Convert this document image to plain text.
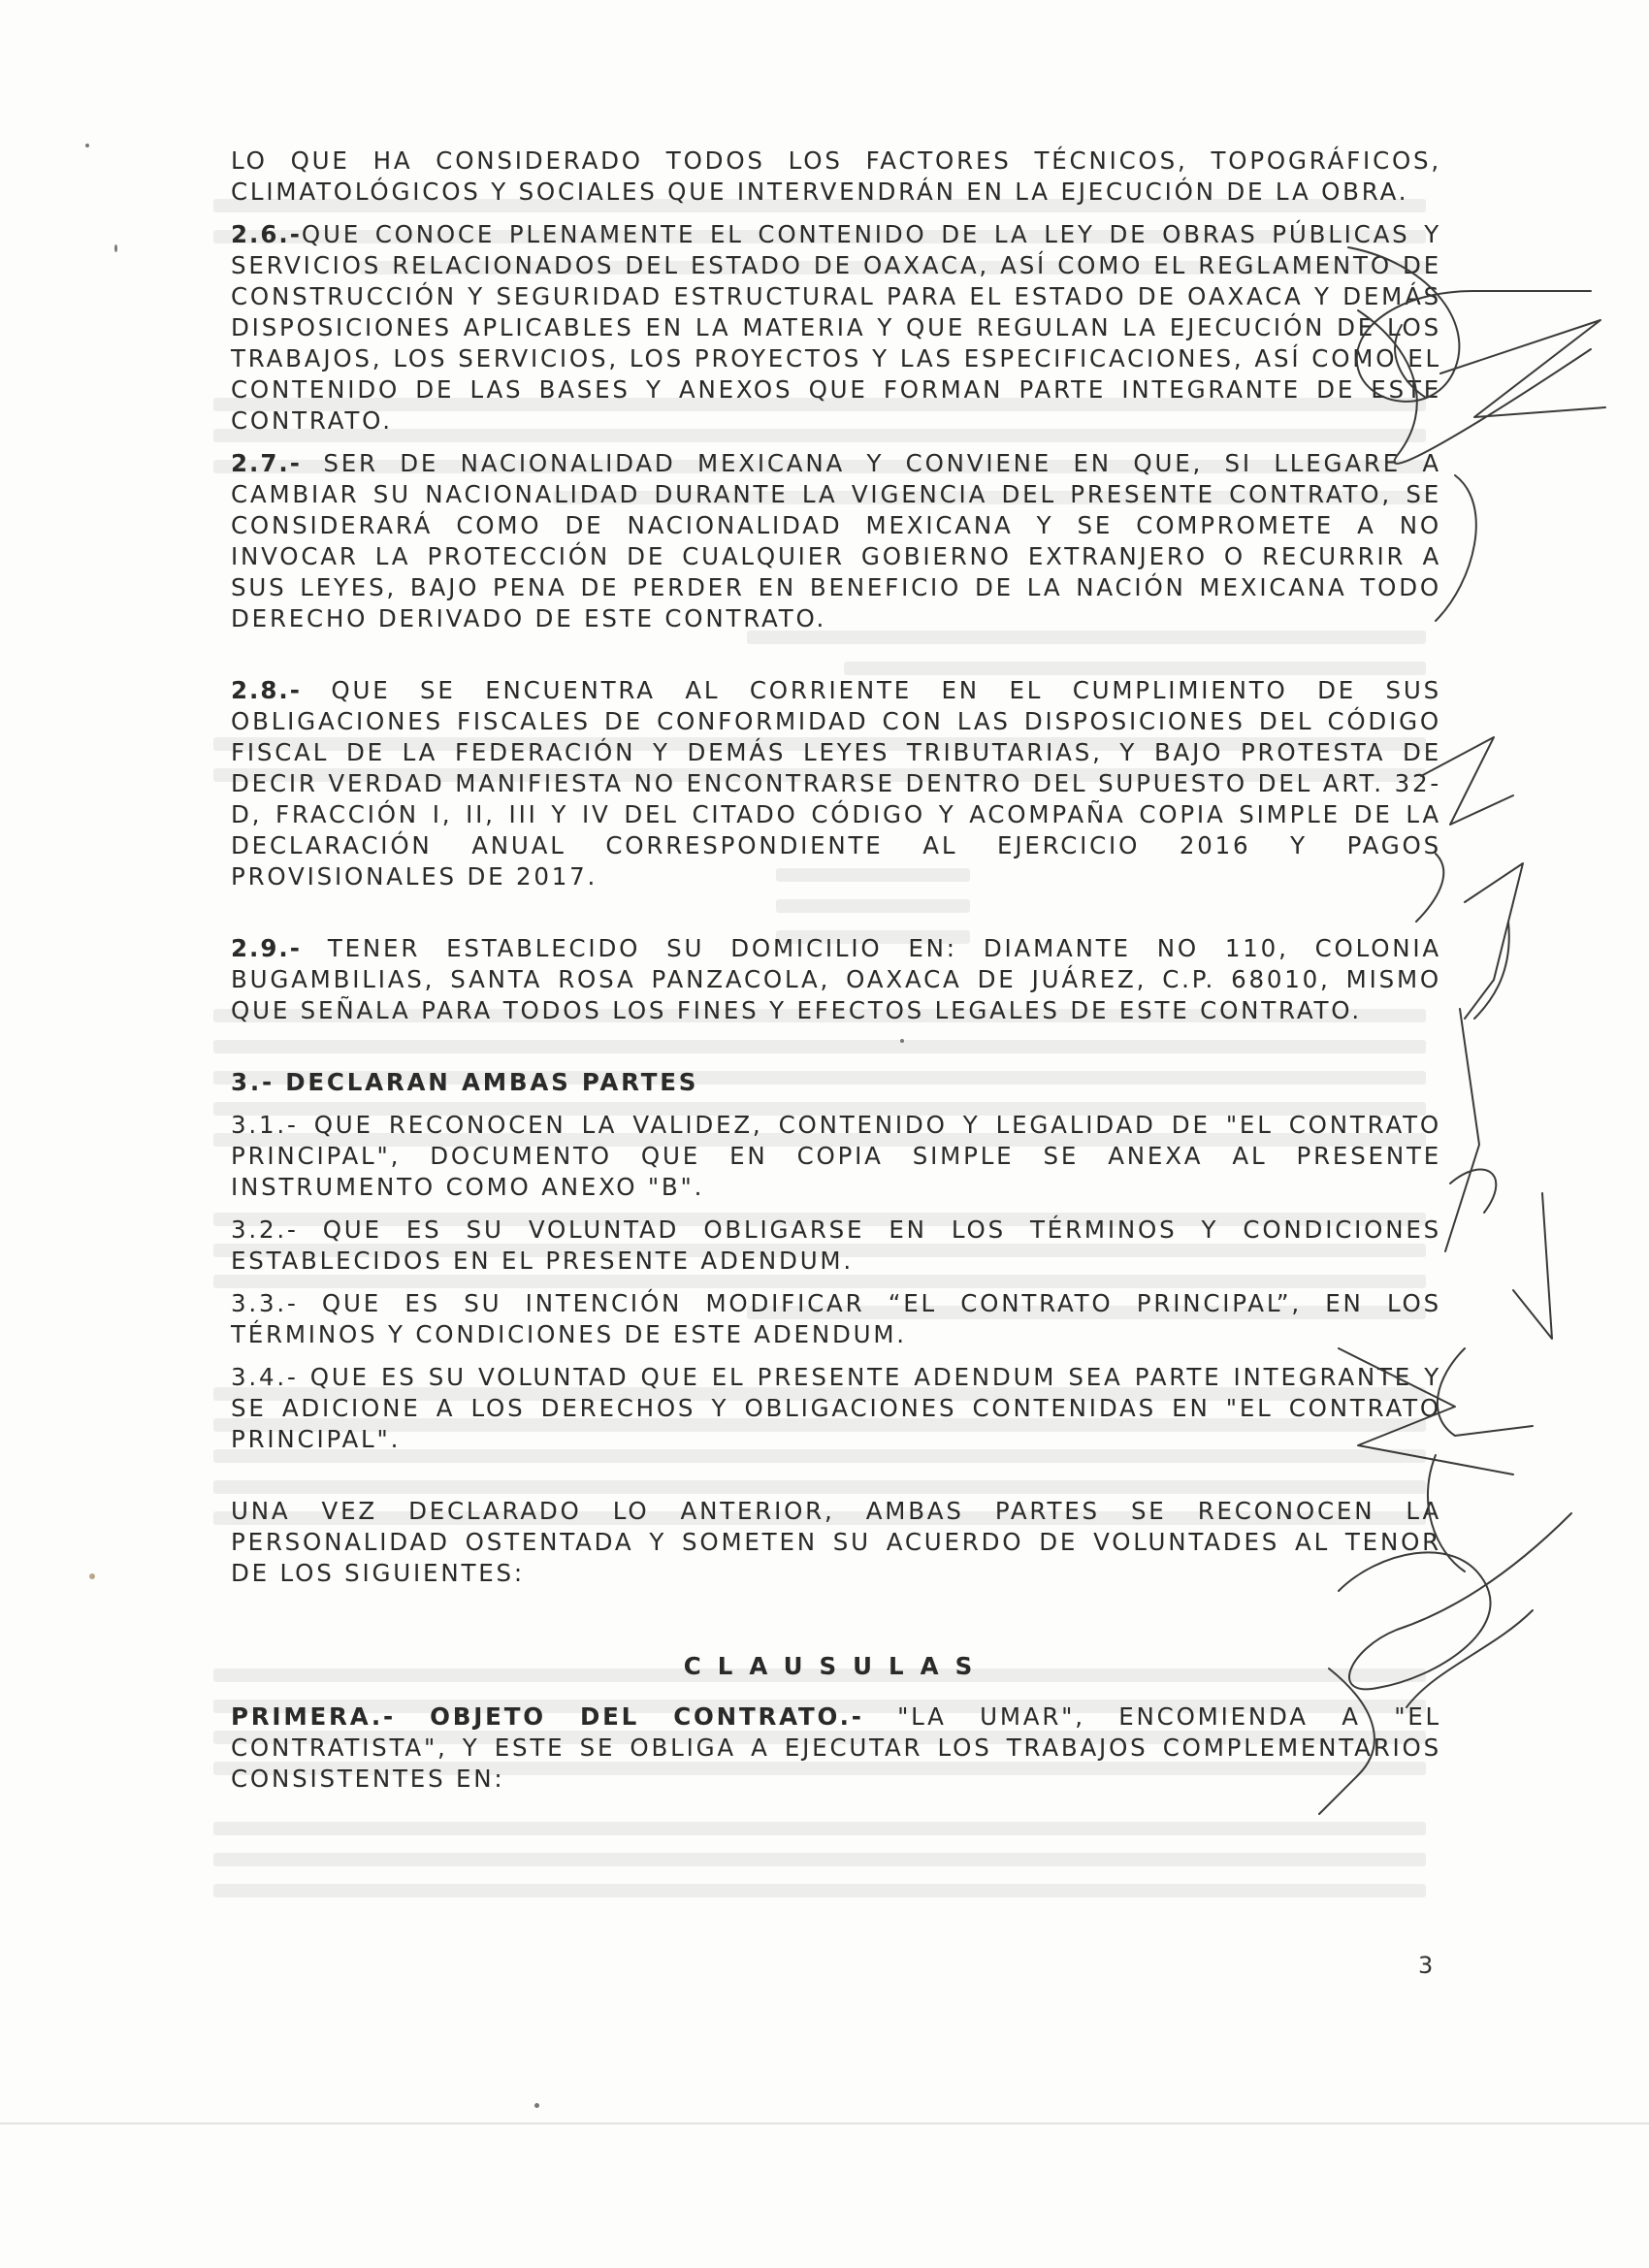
LO QUE HA CONSIDERADO TODOS LOS FACTORES TÉCNICOS, TOPOGRÁFICOS, CLIMATOLÓGICOS Y SOCIALES QUE INTERVENDRÁN EN LA EJECUCIÓN DE LA OBRA.

2.6.-QUE CONOCE PLENAMENTE EL CONTENIDO DE LA LEY DE OBRAS PÚBLICAS Y SERVICIOS RELACIONADOS DEL ESTADO DE OAXACA, ASÍ COMO EL REGLAMENTO DE CONSTRUCCIÓN Y SEGURIDAD ESTRUCTURAL PARA EL ESTADO DE OAXACA Y DEMÁS DISPOSICIONES APLICABLES EN LA MATERIA Y QUE REGULAN LA EJECUCIÓN DE LOS TRABAJOS, LOS SERVICIOS, LOS PROYECTOS Y LAS ESPECIFICACIONES, ASÍ COMO EL CONTENIDO DE LAS BASES Y ANEXOS QUE FORMAN PARTE INTEGRANTE DE ESTE CONTRATO.

2.7.- SER DE NACIONALIDAD MEXICANA Y CONVIENE EN QUE, SI LLEGARE A CAMBIAR SU NACIONALIDAD DURANTE LA VIGENCIA DEL PRESENTE CONTRATO, SE CONSIDERARÁ COMO DE NACIONALIDAD MEXICANA Y SE COMPROMETE A NO INVOCAR LA PROTECCIÓN DE CUALQUIER GOBIERNO EXTRANJERO O RECURRIR A SUS LEYES, BAJO PENA DE PERDER EN BENEFICIO DE LA NACIÓN MEXICANA TODO DERECHO DERIVADO DE ESTE CONTRATO.

2.8.- QUE SE ENCUENTRA AL CORRIENTE EN EL CUMPLIMIENTO DE SUS OBLIGACIONES FISCALES DE CONFORMIDAD CON LAS DISPOSICIONES DEL CÓDIGO FISCAL DE LA FEDERACIÓN Y DEMÁS LEYES TRIBUTARIAS, Y BAJO PROTESTA DE DECIR VERDAD MANIFIESTA NO ENCONTRARSE DENTRO DEL SUPUESTO DEL ART. 32-D, FRACCIÓN I, II, III Y IV DEL CITADO CÓDIGO Y ACOMPAÑA COPIA SIMPLE DE LA DECLARACIÓN ANUAL CORRESPONDIENTE AL EJERCICIO 2016 Y PAGOS PROVISIONALES DE 2017.

2.9.- TENER ESTABLECIDO SU DOMICILIO EN: DIAMANTE NO 110, COLONIA BUGAMBILIAS, SANTA ROSA PANZACOLA, OAXACA DE JUÁREZ, C.P. 68010, MISMO QUE SEÑALA PARA TODOS LOS FINES Y EFECTOS LEGALES DE ESTE CONTRATO.

3.- DECLARAN AMBAS PARTES

3.1.- QUE RECONOCEN LA VALIDEZ, CONTENIDO Y LEGALIDAD DE "EL CONTRATO PRINCIPAL", DOCUMENTO QUE EN COPIA SIMPLE SE ANEXA AL PRESENTE INSTRUMENTO COMO ANEXO "B".

3.2.- QUE ES SU VOLUNTAD OBLIGARSE EN LOS TÉRMINOS Y CONDICIONES ESTABLECIDOS EN EL PRESENTE ADENDUM.

3.3.- QUE ES SU INTENCIÓN MODIFICAR “EL CONTRATO PRINCIPAL”, EN LOS TÉRMINOS Y CONDICIONES DE ESTE ADENDUM.

3.4.- QUE ES SU VOLUNTAD QUE EL PRESENTE ADENDUM SEA PARTE INTEGRANTE Y SE ADICIONE A LOS DERECHOS Y OBLIGACIONES CONTENIDAS EN "EL CONTRATO PRINCIPAL".

UNA VEZ DECLARADO LO ANTERIOR, AMBAS PARTES SE RECONOCEN LA PERSONALIDAD OSTENTADA Y SOMETEN SU ACUERDO DE VOLUNTADES AL TENOR DE LOS SIGUIENTES:

CLAUSULAS

PRIMERA.- OBJETO DEL CONTRATO.- "LA UMAR", ENCOMIENDA A "EL CONTRATISTA", Y ESTE SE OBLIGA A EJECUTAR LOS TRABAJOS COMPLEMENTARIOS CONSISTENTES EN:

3
